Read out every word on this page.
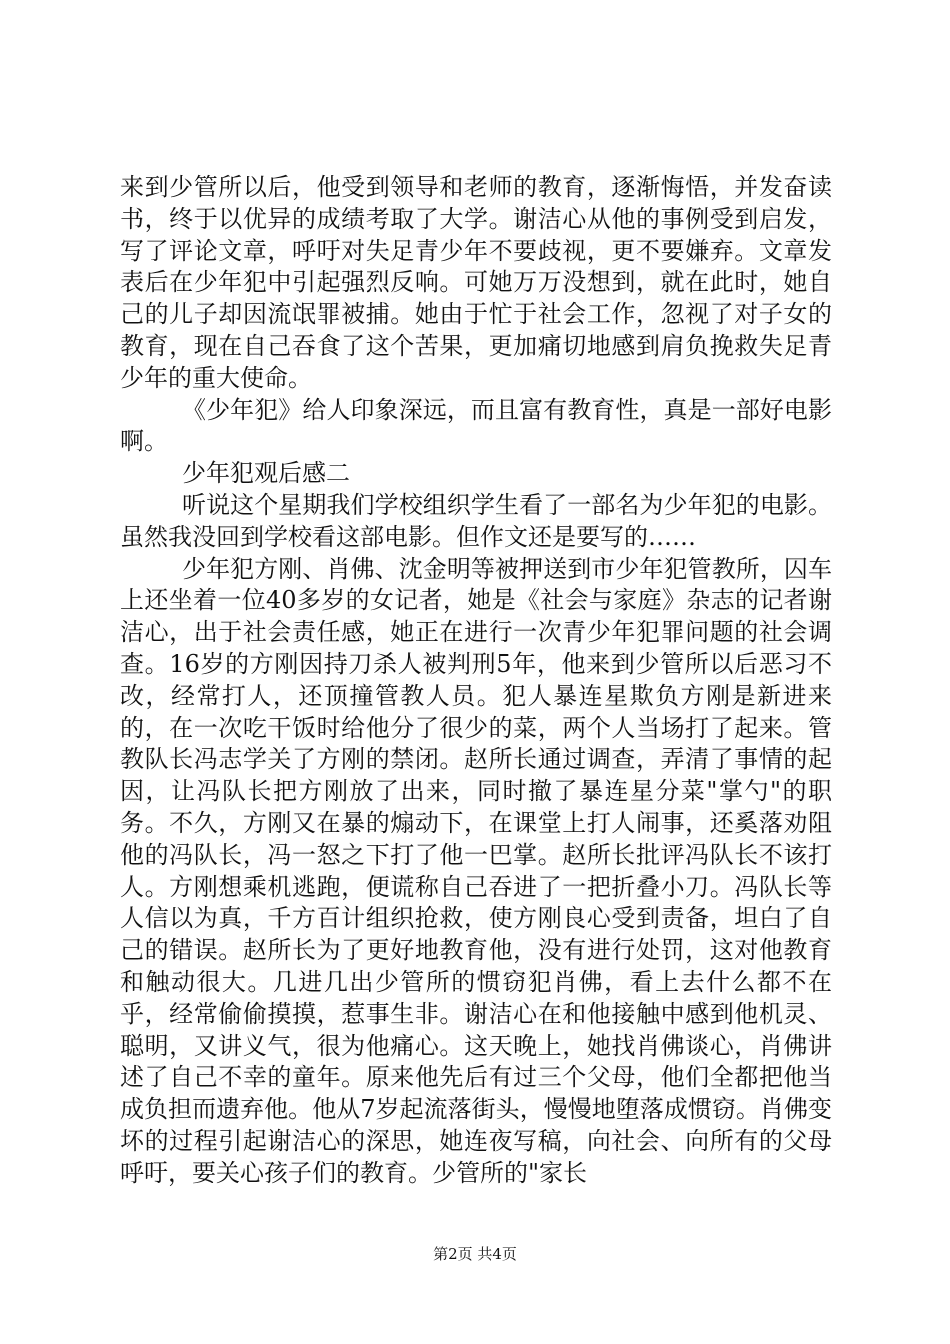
来到少管所以后，他受到领导和老师的教育，逐渐悔悟，并发奋读书，终于以优异的成绩考取了大学。谢洁心从他的事例受到启发，写了评论文章，呼吁对失足青少年不要歧视，更不要嫌弃。文章发表后在少年犯中引起强烈反响。可她万万没想到，就在此时，她自己的儿子却因流氓罪被捕。她由于忙于社会工作，忽视了对子女的教育，现在自己吞食了这个苦果，更加痛切地感到肩负挽救失足青少年的重大使命。

《少年犯》给人印象深远，而且富有教育性，真是一部好电影啊。

少年犯观后感二

听说这个星期我们学校组织学生看了一部名为少年犯的电影。虽然我没回到学校看这部电影。但作文还是要写的……

少年犯方刚、肖佛、沈金明等被押送到市少年犯管教所，囚车上还坐着一位40多岁的女记者，她是《社会与家庭》杂志的记者谢洁心，出于社会责任感，她正在进行一次青少年犯罪问题的社会调查。16岁的方刚因持刀杀人被判刑5年，他来到少管所以后恶习不改，经常打人，还顶撞管教人员。犯人暴连星欺负方刚是新进来的，在一次吃干饭时给他分了很少的菜，两个人当场打了起来。管教队长冯志学关了方刚的禁闭。赵所长通过调查，弄清了事情的起因，让冯队长把方刚放了出来，同时撤了暴连星分菜"掌勺"的职务。不久，方刚又在暴的煽动下，在课堂上打人闹事，还奚落劝阻他的冯队长，冯一怒之下打了他一巴掌。赵所长批评冯队长不该打人。方刚想乘机逃跑，便谎称自己吞进了一把折叠小刀。冯队长等人信以为真，千方百计组织抢救，使方刚良心受到责备，坦白了自己的错误。赵所长为了更好地教育他，没有进行处罚，这对他教育和触动很大。几进几出少管所的惯窃犯肖佛，看上去什么都不在乎，经常偷偷摸摸，惹事生非。谢洁心在和他接触中感到他机灵、聪明，又讲义气，很为他痛心。这天晚上，她找肖佛谈心，肖佛讲述了自己不幸的童年。原来他先后有过三个父母，他们全都把他当成负担而遗弃他。他从7岁起流落街头，慢慢地堕落成惯窃。肖佛变坏的过程引起谢洁心的深思，她连夜写稿，向社会、向所有的父母呼吁，要关心孩子们的教育。少管所的"家长

第2页 共4页
